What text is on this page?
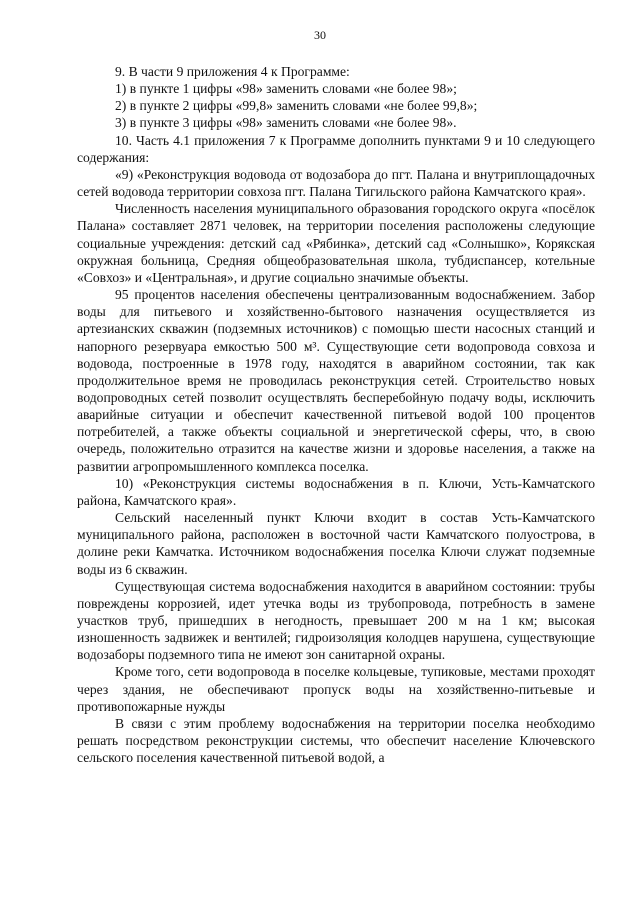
30

9. В части 9 приложения 4 к Программе:

1) в пункте 1 цифры «98» заменить словами «не более 98»;

2) в пункте 2 цифры «99,8» заменить словами «не более 99,8»;

3) в пункте 3 цифры «98» заменить словами «не более 98».

10. Часть 4.1 приложения 7 к Программе дополнить пунктами 9 и 10 следующего содержания:

«9) «Реконструкция водовода от водозабора до пгт. Палана и внутриплощадочных сетей водовода территории совхоза пгт. Палана Тигильского района Камчатского края».

Численность населения муниципального образования городского округа «посёлок Палана» составляет 2871 человек, на территории поселения расположены следующие социальные учреждения: детский сад «Рябинка», детский сад «Солнышко», Корякская окружная больница, Средняя общеобразовательная школа, тубдиспансер, котельные «Совхоз» и «Центральная», и другие социально значимые объекты.

95 процентов населения обеспечены централизованным водоснабжением. Забор воды для питьевого и хозяйственно-бытового назначения осуществляется из артезианских скважин (подземных источников) с помощью шести насосных станций и напорного резервуара емкостью 500 м³. Существующие сети водопровода совхоза и водовода, построенные в 1978 году, находятся в аварийном состоянии, так как продолжительное время не проводилась реконструкция сетей. Строительство новых водопроводных сетей позволит осуществлять бесперебойную подачу воды, исключить аварийные ситуации и обеспечит качественной питьевой водой 100 процентов потребителей, а также объекты социальной и энергетической сферы, что, в свою очередь, положительно отразится на качестве жизни и здоровье населения, а также на развитии агропромышленного комплекса поселка.

10) «Реконструкция системы водоснабжения в п. Ключи, Усть-Камчатского района, Камчатского края».

Сельский населенный пункт Ключи входит в состав Усть-Камчатского муниципального района, расположен в восточной части Камчатского полуострова, в долине реки Камчатка. Источником водоснабжения поселка Ключи служат подземные воды из 6 скважин.

Существующая система водоснабжения находится в аварийном состоянии: трубы повреждены коррозией, идет утечка воды из трубопровода, потребность в замене участков труб, пришедших в негодность, превышает 200 м на 1 км; высокая изношенность задвижек и вентилей; гидроизоляция колодцев нарушена, существующие водозаборы подземного типа не имеют зон санитарной охраны.

Кроме того, сети водопровода в поселке кольцевые, тупиковые, местами проходят через здания, не обеспечивают пропуск воды на хозяйственно-питьевые и противопожарные нужды

В связи с этим проблему водоснабжения на территории поселка необходимо решать посредством реконструкции системы, что обеспечит население Ключевского сельского поселения качественной питьевой водой, а
